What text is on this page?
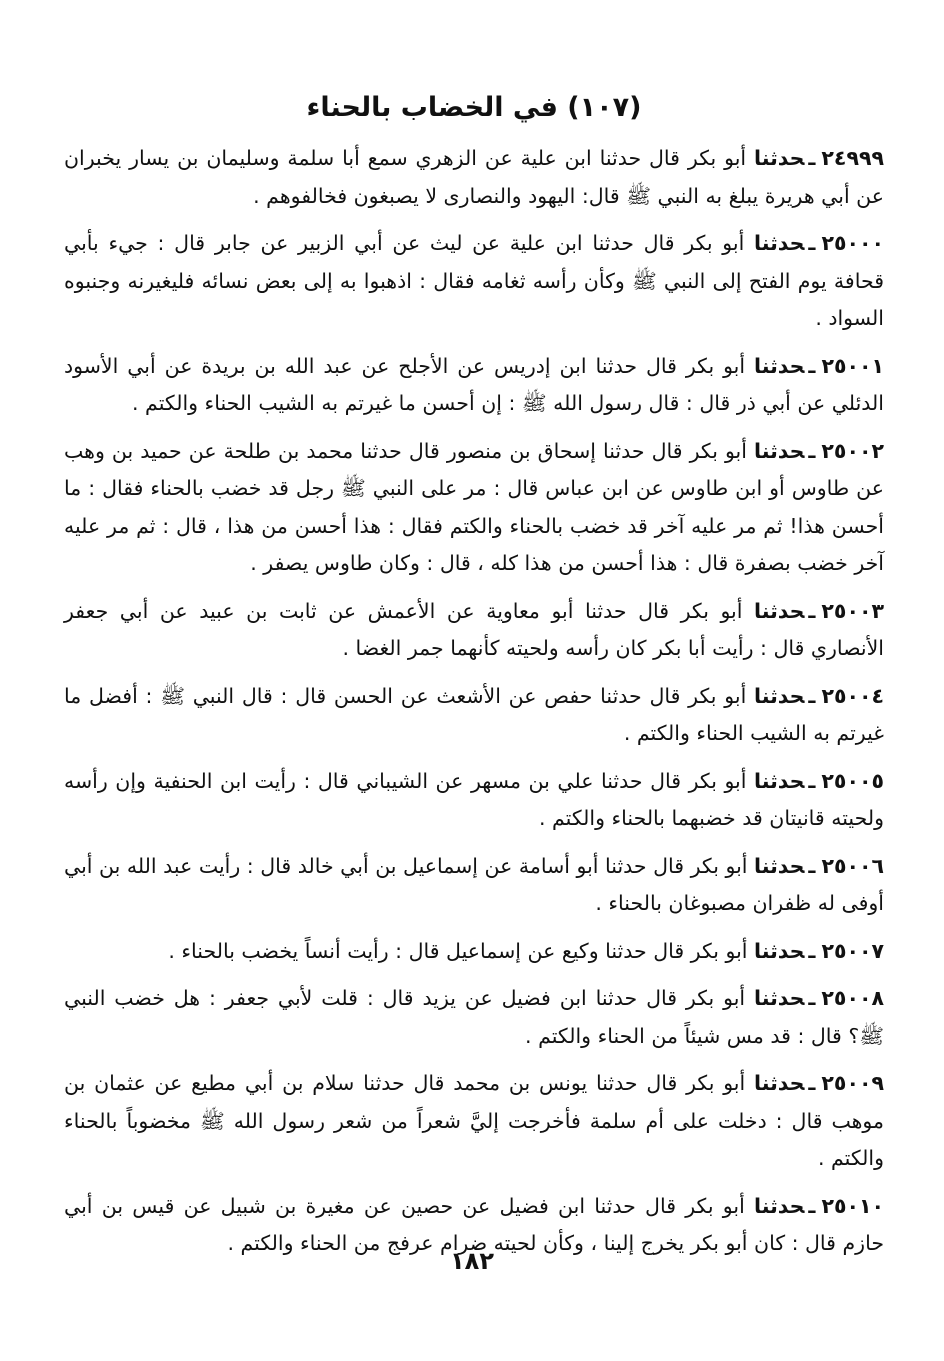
(١٠٧) في الخضاب بالحناء

٢٤٩٩٩ـحدثنا أبو بكر قال حدثنا ابن علية عن الزهري سمع أبا سلمة وسليمان بن يسار يخبران عن أبي هريرة يبلغ به النبي ﷺ قال: اليهود والنصارى لا يصبغون فخالفوهم .

٢٥٠٠٠ـحدثنا أبو بكر قال حدثنا ابن علية عن ليث عن أبي الزبير عن جابر قال : جيء بأبي قحافة يوم الفتح إلى النبي ﷺ وكأن رأسه ثغامه فقال : اذهبوا به إلى بعض نسائه فليغيرنه وجنبوه السواد .

٢٥٠٠١ـحدثنا أبو بكر قال حدثنا ابن إدريس عن الأجلح عن عبد الله بن بريدة عن أبي الأسود الدئلي عن أبي ذر قال : قال رسول الله ﷺ : إن أحسن ما غيرتم به الشيب الحناء والكتم .

٢٥٠٠٢ـحدثنا أبو بكر قال حدثنا إسحاق بن منصور قال حدثنا محمد بن طلحة عن حميد بن وهب عن طاوس أو ابن طاوس عن ابن عباس قال : مر على النبي ﷺ رجل قد خضب بالحناء فقال : ما أحسن هذا! ثم مر عليه آخر قد خضب بالحناء والكتم فقال : هذا أحسن من هذا ، قال : ثم مر عليه آخر خضب بصفرة قال : هذا أحسن من هذا كله ، قال : وكان طاوس يصفر .

٢٥٠٠٣ـحدثنا أبو بكر قال حدثنا أبو معاوية عن الأعمش عن ثابت بن عبيد عن أبي جعفر الأنصاري قال : رأيت أبا بكر كان رأسه ولحيته كأنهما جمر الغضا .

٢٥٠٠٤ـحدثنا أبو بكر قال حدثنا حفص عن الأشعث عن الحسن قال : قال النبي ﷺ : أفضل ما غيرتم به الشيب الحناء والكتم .

٢٥٠٠٥ـحدثنا أبو بكر قال حدثنا علي بن مسهر عن الشيباني قال : رأيت ابن الحنفية وإن رأسه ولحيته قانيتان قد خضبهما بالحناء والكتم .

٢٥٠٠٦ـحدثنا أبو بكر قال حدثنا أبو أسامة عن إسماعيل بن أبي خالد قال : رأيت عبد الله بن أبي أوفى له ظفران مصبوغان بالحناء .

٢٥٠٠٧ـحدثنا أبو بكر قال حدثنا وكيع عن إسماعيل قال : رأيت أنساً يخضب بالحناء .

٢٥٠٠٨ـحدثنا أبو بكر قال حدثنا ابن فضيل عن يزيد قال : قلت لأبي جعفر : هل خضب النبي ﷺ؟ قال : قد مس شيئاً من الحناء والكتم .

٢٥٠٠٩ـحدثنا أبو بكر قال حدثنا يونس بن محمد قال حدثنا سلام بن أبي مطيع عن عثمان بن موهب قال : دخلت على أم سلمة فأخرجت إليَّ شعراً من شعر رسول الله ﷺ مخضوباً بالحناء والكتم .

٢٥٠١٠ـحدثنا أبو بكر قال حدثنا ابن فضيل عن حصين عن مغيرة بن شبيل عن قيس بن أبي حازم قال : كان أبو بكر يخرج إلينا ، وكأن لحيته ضرام عرفج من الحناء والكتم .

١٨٢
